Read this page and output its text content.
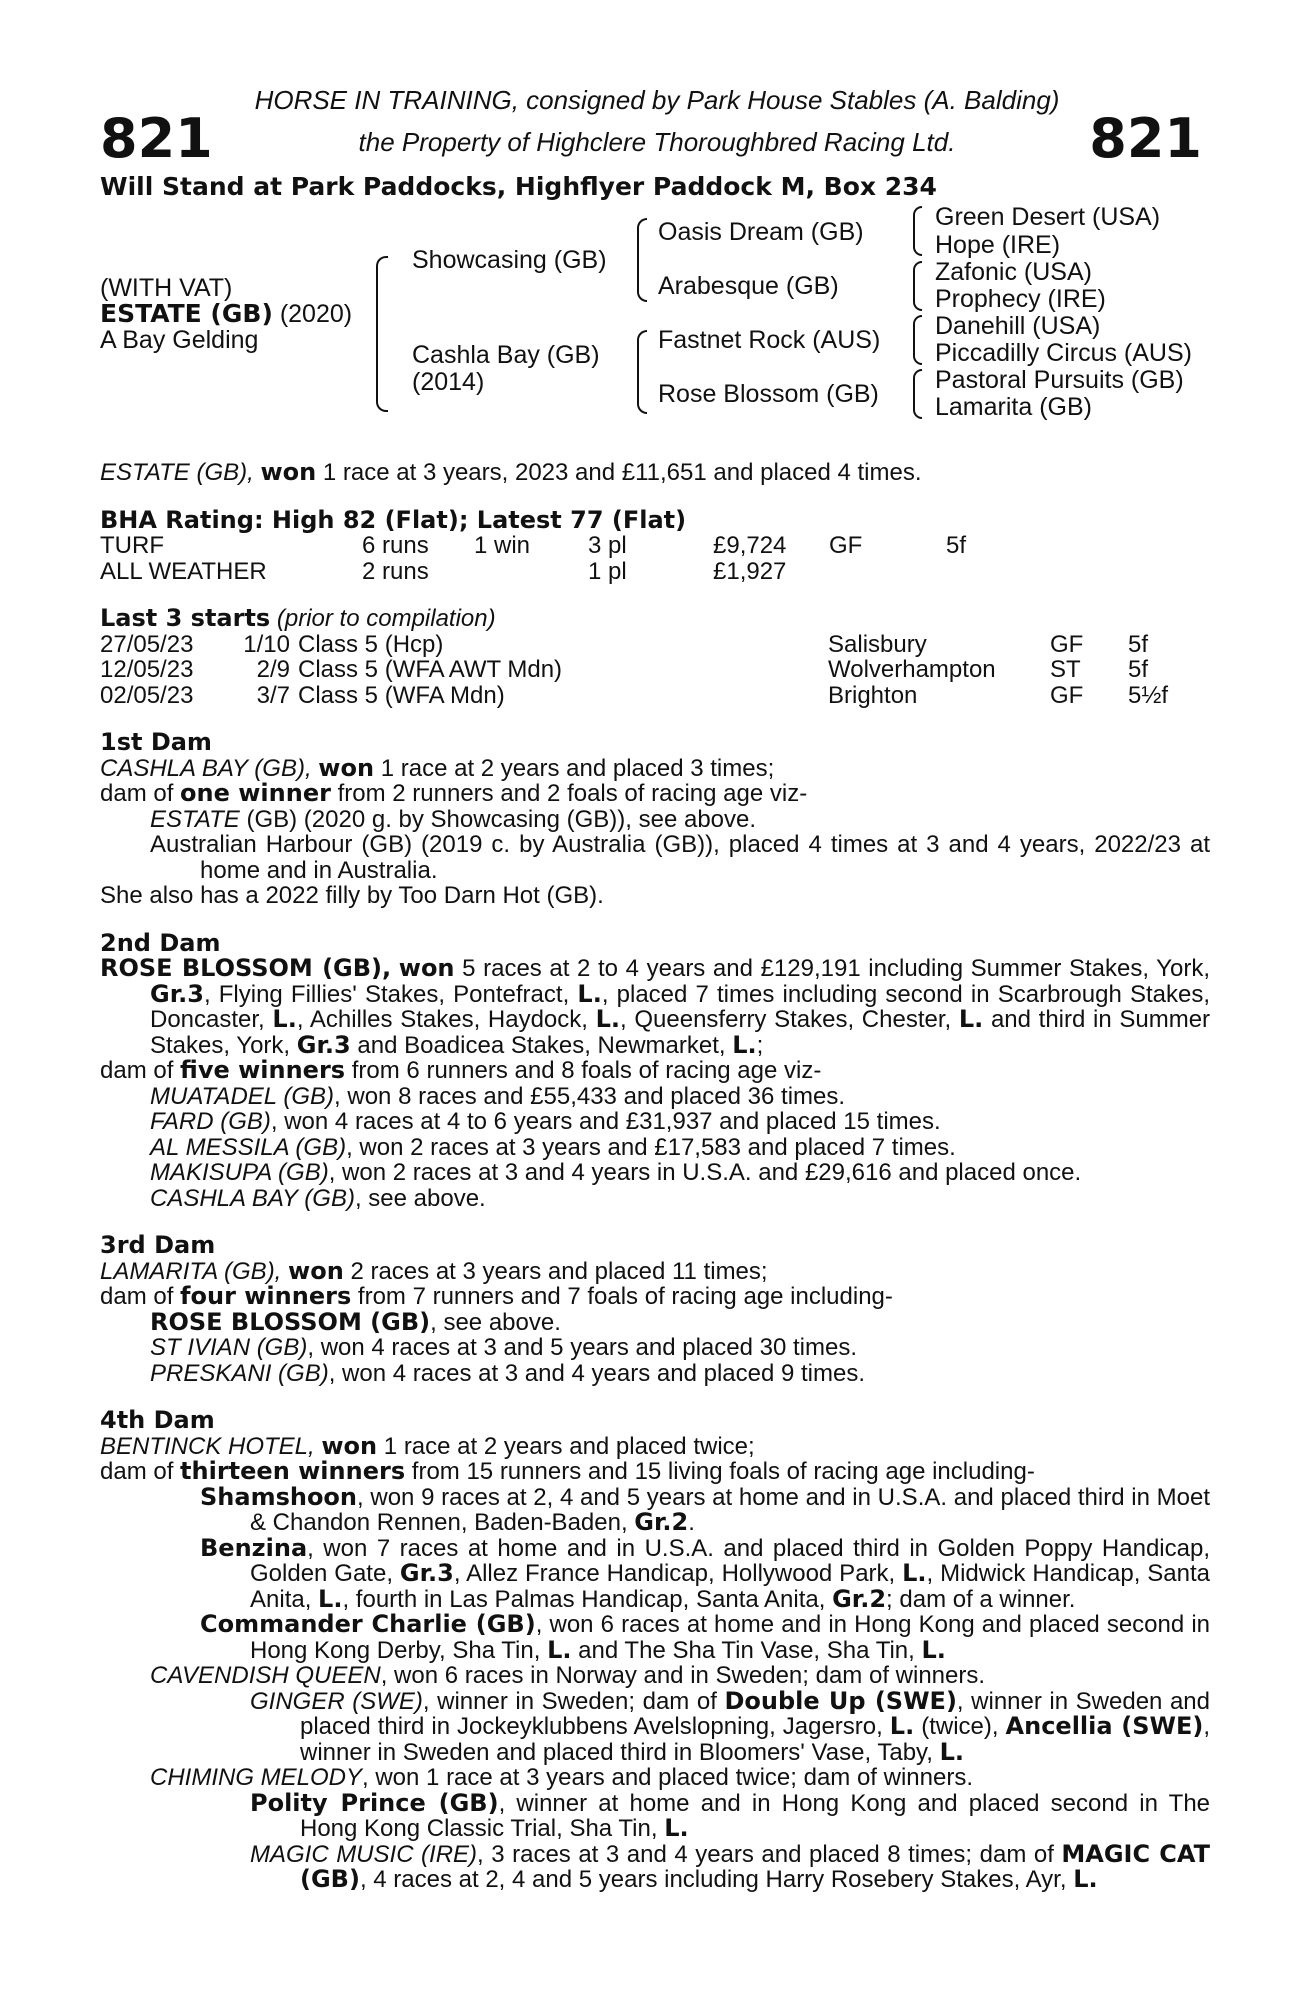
821	821
HORSE IN TRAINING, consigned by Park House Stables (A. Balding)
the Property of Highclere Thoroughbred Racing Ltd.
Will Stand at Park Paddocks, Highflyer Paddock M, Box 234
(WITH VAT)
ESTATE (GB) (2020)
A Bay Gelding
Showcasing (GB)
Cashla Bay (GB)
(2014)
Oasis Dream (GB)
Arabesque (GB)
Fastnet Rock (AUS)
Rose Blossom (GB)
Green Desert (USA)
Hope (IRE)
Zafonic (USA)
Prophecy (IRE)
Danehill (USA)
Piccadilly Circus (AUS)
Pastoral Pursuits (GB)
Lamarita (GB)

ESTATE (GB), won 1 race at 3 years, 2023 and £11,651 and placed 4 times.

BHA Rating: High 82 (Flat); Latest 77 (Flat)

TURF	6 runs	1 win	3 pl	£9,724	GF	5f
ALL WEATHER	2 runs	1 pl	£1,927

Last 3 starts (prior to compilation)

27/05/23	1/10 Class 5 (Hcp)	Salisbury	GF	5f
12/05/23	2/9 Class 5 (WFA AWT Mdn)	Wolverhampton	ST	5f
02/05/23	3/7 Class 5 (WFA Mdn)	Brighton	GF	5½f

1st Dam

CASHLA BAY (GB), won 1 race at 2 years and placed 3 times;

dam of one winner from 2 runners and 2 foals of racing age viz-

ESTATE (GB) (2020 g. by Showcasing (GB)), see above.

Australian Harbour (GB) (2019 c. by Australia (GB)), placed 4 times at 3 and 4 years, 2022/23 at home and in Australia.

She also has a 2022 filly by Too Darn Hot (GB).

2nd Dam

ROSE BLOSSOM (GB), won 5 races at 2 to 4 years and £129,191 including Summer Stakes, York, Gr.3, Flying Fillies' Stakes, Pontefract, L., placed 7 times including second in Scarbrough Stakes, Doncaster, L., Achilles Stakes, Haydock, L., Queensferry Stakes, Chester, L. and third in Summer Stakes, York, Gr.3 and Boadicea Stakes, Newmarket, L.;

dam of five winners from 6 runners and 8 foals of racing age viz-

MUATADEL (GB), won 8 races and £55,433 and placed 36 times.

FARD (GB), won 4 races at 4 to 6 years and £31,937 and placed 15 times.

AL MESSILA (GB), won 2 races at 3 years and £17,583 and placed 7 times.

MAKISUPA (GB), won 2 races at 3 and 4 years in U.S.A. and £29,616 and placed once.

CASHLA BAY (GB), see above.

3rd Dam

LAMARITA (GB), won 2 races at 3 years and placed 11 times;

dam of four winners from 7 runners and 7 foals of racing age including-

ROSE BLOSSOM (GB), see above.

ST IVIAN (GB), won 4 races at 3 and 5 years and placed 30 times.

PRESKANI (GB), won 4 races at 3 and 4 years and placed 9 times.

4th Dam

BENTINCK HOTEL, won 1 race at 2 years and placed twice;

dam of thirteen winners from 15 runners and 15 living foals of racing age including-

Shamshoon, won 9 races at 2, 4 and 5 years at home and in U.S.A. and placed third in Moet & Chandon Rennen, Baden-Baden, Gr.2.

Benzina, won 7 races at home and in U.S.A. and placed third in Golden Poppy Handicap, Golden Gate, Gr.3, Allez France Handicap, Hollywood Park, L., Midwick Handicap, Santa Anita, L., fourth in Las Palmas Handicap, Santa Anita, Gr.2; dam of a winner.

Commander Charlie (GB), won 6 races at home and in Hong Kong and placed second in Hong Kong Derby, Sha Tin, L. and The Sha Tin Vase, Sha Tin, L.

CAVENDISH QUEEN, won 6 races in Norway and in Sweden; dam of winners.

GINGER (SWE), winner in Sweden; dam of Double Up (SWE), winner in Sweden and placed third in Jockeyklubbens Avelslopning, Jagersro, L. (twice), Ancellia (SWE), winner in Sweden and placed third in Bloomers' Vase, Taby, L.

CHIMING MELODY, won 1 race at 3 years and placed twice; dam of winners.

Polity Prince (GB), winner at home and in Hong Kong and placed second in The Hong Kong Classic Trial, Sha Tin, L.

MAGIC MUSIC (IRE), 3 races at 3 and 4 years and placed 8 times; dam of MAGIC CAT (GB), 4 races at 2, 4 and 5 years including Harry Rosebery Stakes, Ayr, L.
